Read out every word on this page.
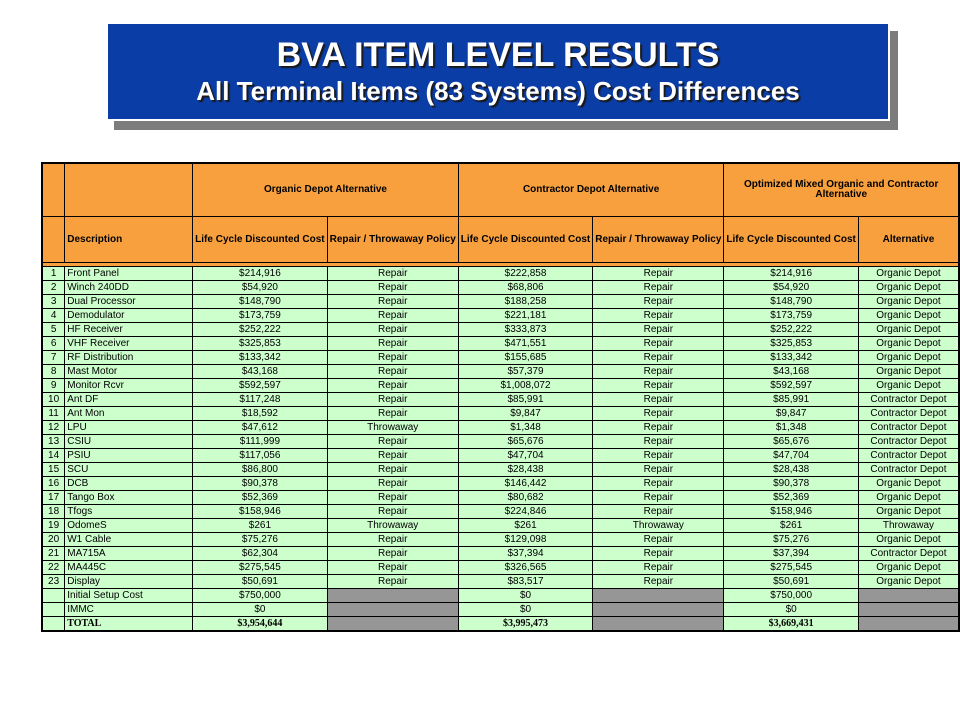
BVA ITEM LEVEL RESULTS
All Terminal Items (83 Systems) Cost Differences
		Organic Depot Alternative		Contractor Depot Alternative		Optimized Mixed Organic and Contractor Alternative	
	Description	Life Cycle Discounted Cost	Repair / Throwaway Policy	Life Cycle Discounted Cost	Repair / Throwaway Policy	Life Cycle Discounted Cost	Alternative

1	Front Panel	$214,916	Repair	$222,858	Repair	$214,916	Organic Depot
2	Winch 240DD	$54,920	Repair	$68,806	Repair	$54,920	Organic Depot
3	Dual Processor	$148,790	Repair	$188,258	Repair	$148,790	Organic Depot
4	Demodulator	$173,759	Repair	$221,181	Repair	$173,759	Organic Depot
5	HF Receiver	$252,222	Repair	$333,873	Repair	$252,222	Organic Depot
6	VHF Receiver	$325,853	Repair	$471,551	Repair	$325,853	Organic Depot
7	RF Distribution	$133,342	Repair	$155,685	Repair	$133,342	Organic Depot
8	Mast Motor	$43,168	Repair	$57,379	Repair	$43,168	Organic Depot
9	Monitor Rcvr	$592,597	Repair	$1,008,072	Repair	$592,597	Organic Depot
10	Ant DF	$117,248	Repair	$85,991	Repair	$85,991	Contractor Depot
11	Ant Mon	$18,592	Repair	$9,847	Repair	$9,847	Contractor Depot
12	LPU	$47,612	Throwaway	$1,348	Repair	$1,348	Contractor Depot
13	CSIU	$111,999	Repair	$65,676	Repair	$65,676	Contractor Depot
14	PSIU	$117,056	Repair	$47,704	Repair	$47,704	Contractor Depot
15	SCU	$86,800	Repair	$28,438	Repair	$28,438	Contractor Depot
16	DCB	$90,378	Repair	$146,442	Repair	$90,378	Organic Depot
17	Tango Box	$52,369	Repair	$80,682	Repair	$52,369	Organic Depot
18	Tfogs	$158,946	Repair	$224,846	Repair	$158,946	Organic Depot
19	OdomeS	$261	Throwaway	$261	Throwaway	$261	Throwaway
20	W1 Cable	$75,276	Repair	$129,098	Repair	$75,276	Organic Depot
21	MA715A	$62,304	Repair	$37,394	Repair	$37,394	Contractor Depot
22	MA445C	$275,545	Repair	$326,565	Repair	$275,545	Organic Depot
23	Display	$50,691	Repair	$83,517	Repair	$50,691	Organic Depot
	Initial Setup Cost	$750,000		$0		$750,000	
	IMMC	$0		$0		$0	
	TOTAL	$3,954,644		$3,995,473		$3,669,431	
